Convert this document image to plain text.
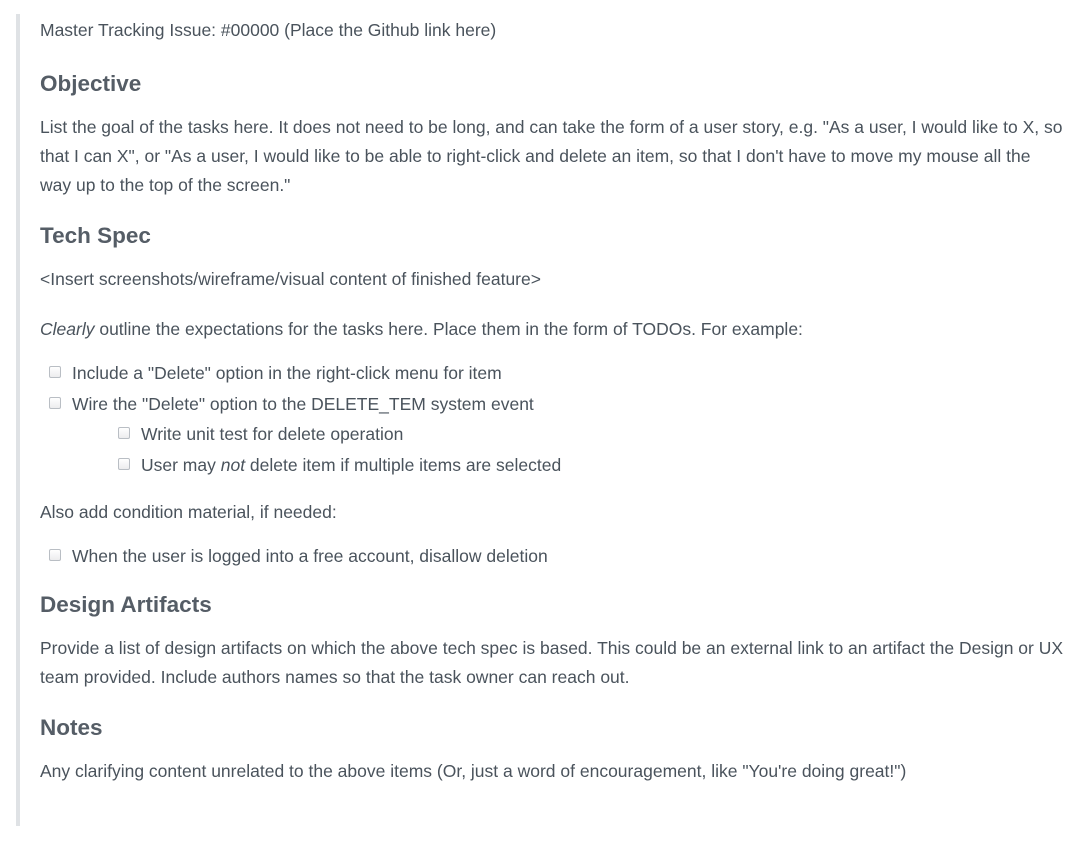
Master Tracking Issue: #00000 (Place the Github link here)

Objective

List the goal of the tasks here. It does not need to be long, and can take the form of a user story, e.g. "As a user, I would like to X, so that I can X", or "As a user, I would like to be able to right-click and delete an item, so that I don't have to move my mouse all the way up to the top of the screen."

Tech Spec

<Insert screenshots/wireframe/visual content of finished feature>

Clearly outline the expectations for the tasks here. Place them in the form of TODOs. For example:

Include a "Delete" option in the right-click menu for item
Wire the "Delete" option to the DELETE_TEM system event
Write unit test for delete operation
User may not delete item if multiple items are selected

Also add condition material, if needed:

When the user is logged into a free account, disallow deletion
Design Artifacts

Provide a list of design artifacts on which the above tech spec is based. This could be an external link to an artifact the Design or UX team provided. Include authors names so that the task owner can reach out.

Notes

Any clarifying content unrelated to the above items (Or, just a word of encouragement, like "You're doing great!")
